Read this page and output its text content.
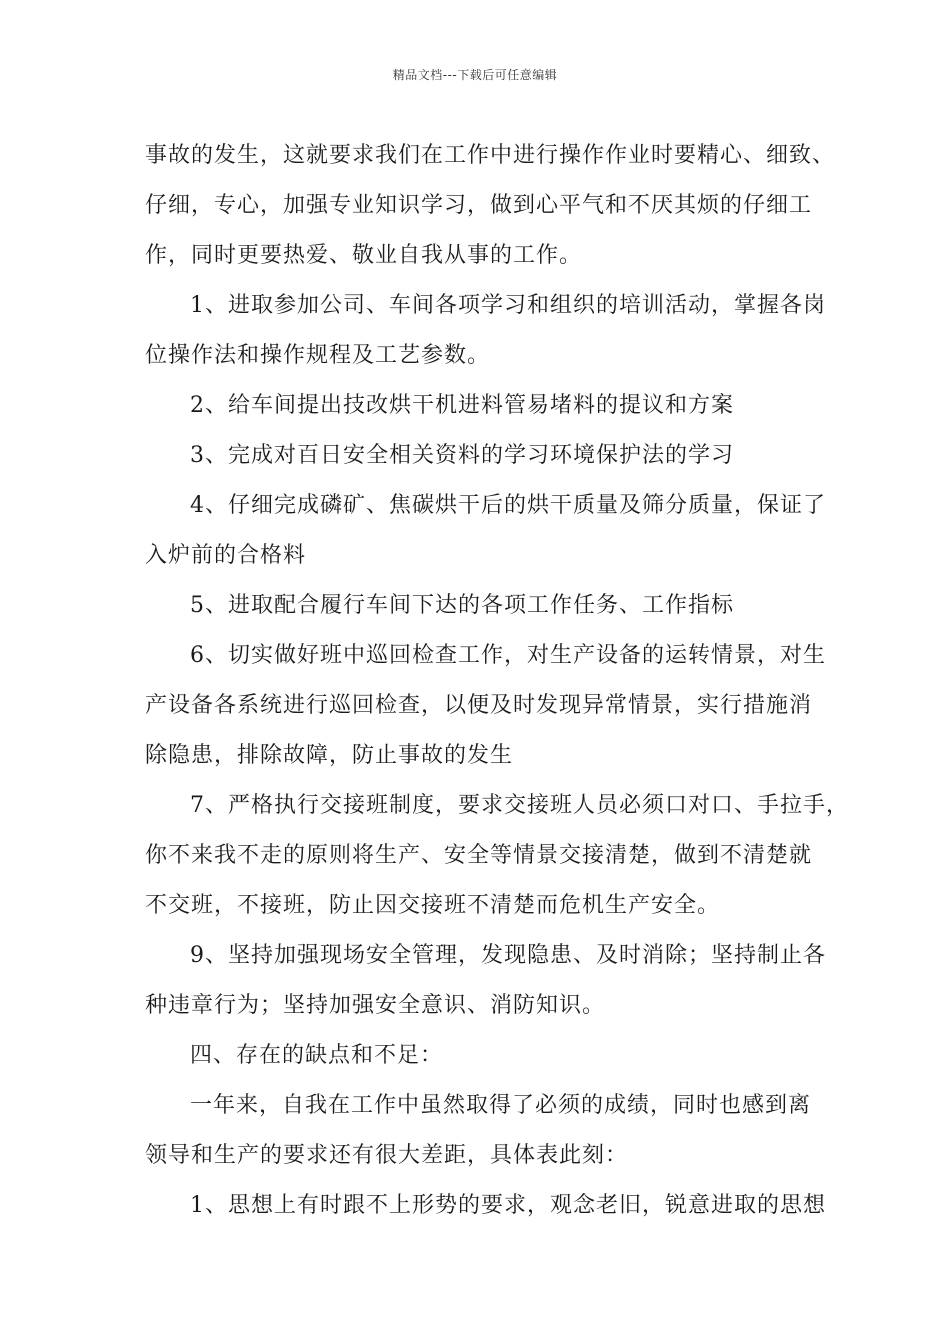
精品文档---下载后可任意编辑

事故的发生，这就要求我们在工作中进行操作作业时要精心、细致、
仔细，专心，加强专业知识学习，做到心平气和不厌其烦的仔细工
作，同时更要热爱、敬业自我从事的工作。

1、进取参加公司、车间各项学习和组织的培训活动，掌握各岗
位操作法和操作规程及工艺参数。

2、给车间提出技改烘干机进料管易堵料的提议和方案

3、完成对百日安全相关资料的学习环境保护法的学习

4、仔细完成磷矿、焦碳烘干后的烘干质量及筛分质量，保证了
入炉前的合格料

5、进取配合履行车间下达的各项工作任务、工作指标

6、切实做好班中巡回检查工作，对生产设备的运转情景，对生
产设备各系统进行巡回检查，以便及时发现异常情景，实行措施消
除隐患，排除故障，防止事故的发生

7、严格执行交接班制度，要求交接班人员必须口对口、手拉手，
你不来我不走的原则将生产、安全等情景交接清楚，做到不清楚就
不交班，不接班，防止因交接班不清楚而危机生产安全。

9、坚持加强现场安全管理，发现隐患、及时消除；坚持制止各
种违章行为；坚持加强安全意识、消防知识。

四、存在的缺点和不足：

一年来，自我在工作中虽然取得了必须的成绩，同时也感到离
领导和生产的要求还有很大差距，具体表此刻：

1、思想上有时跟不上形势的要求，观念老旧，锐意进取的思想
